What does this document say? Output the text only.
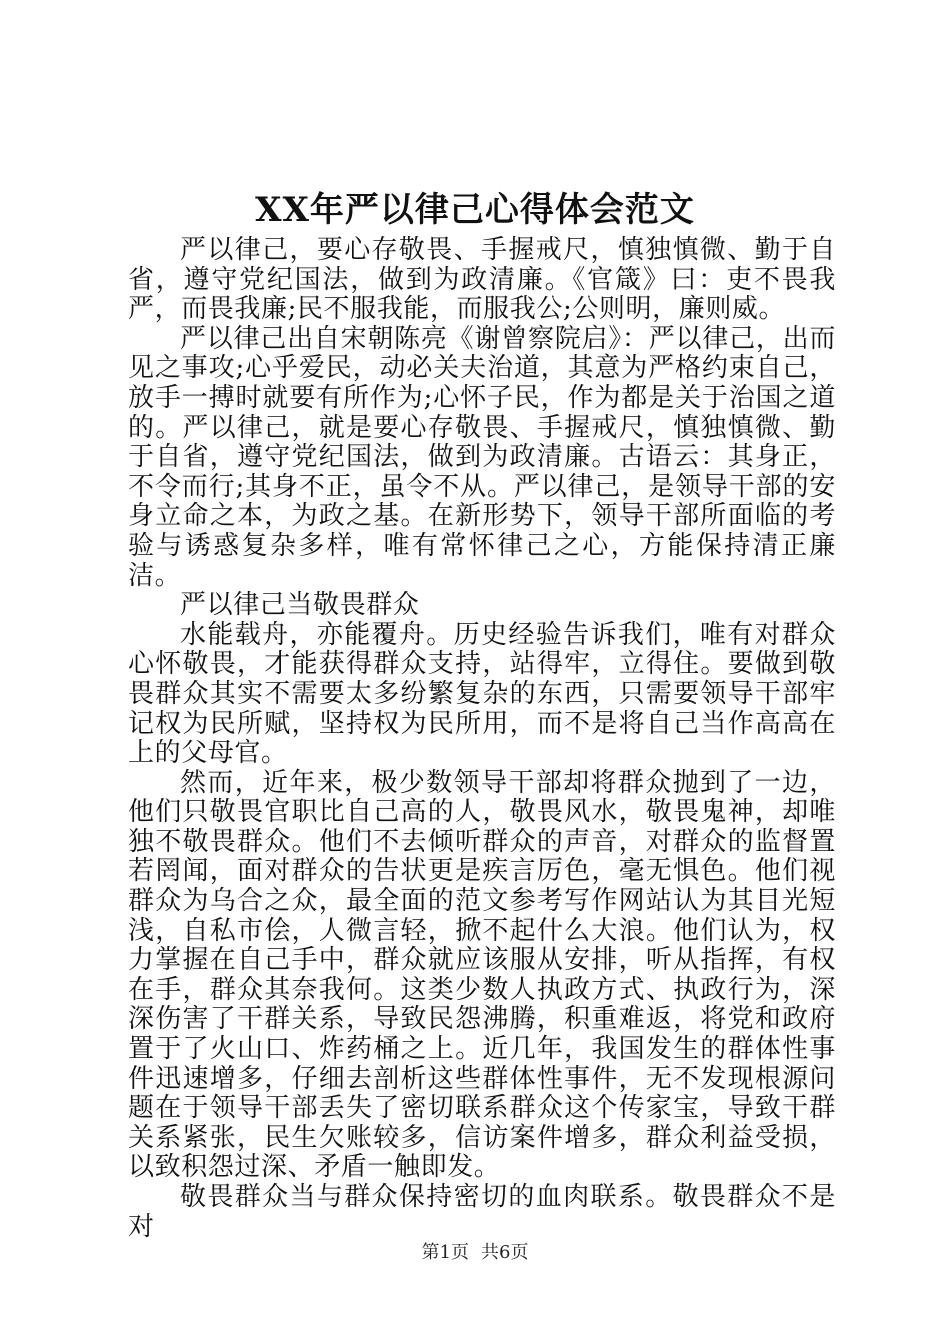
XX年严以律己心得体会范文

严以律己，要心存敬畏、手握戒尺，慎独慎微、勤于自省，遵守党纪国法，做到为政清廉。《官箴》曰：吏不畏我严，而畏我廉;民不服我能，而服我公;公则明，廉则威。

严以律己出自宋朝陈亮《谢曾察院启》：严以律己，出而见之事攻;心乎爱民，动必关夫治道，其意为严格约束自己，放手一搏时就要有所作为;心怀子民，作为都是关于治国之道的。严以律己，就是要心存敬畏、手握戒尺，慎独慎微、勤于自省，遵守党纪国法，做到为政清廉。古语云：其身正，不令而行;其身不正，虽令不从。严以律己，是领导干部的安身立命之本，为政之基。在新形势下，领导干部所面临的考验与诱惑复杂多样，唯有常怀律己之心，方能保持清正廉洁。

严以律己当敬畏群众

水能载舟，亦能覆舟。历史经验告诉我们，唯有对群众心怀敬畏，才能获得群众支持，站得牢，立得住。要做到敬畏群众其实不需要太多纷繁复杂的东西，只需要领导干部牢记权为民所赋，坚持权为民所用，而不是将自己当作高高在上的父母官。

然而，近年来，极少数领导干部却将群众抛到了一边，他们只敬畏官职比自己高的人，敬畏风水，敬畏鬼神，却唯独不敬畏群众。他们不去倾听群众的声音，对群众的监督置若罔闻，面对群众的告状更是疾言厉色，毫无惧色。他们视群众为乌合之众，最全面的范文参考写作网站认为其目光短浅，自私市侩，人微言轻，掀不起什么大浪。他们认为，权力掌握在自己手中，群众就应该服从安排，听从指挥，有权在手，群众其奈我何。这类少数人执政方式、执政行为，深深伤害了干群关系，导致民怨沸腾，积重难返，将党和政府置于了火山口、炸药桶之上。近几年，我国发生的群体性事件迅速增多，仔细去剖析这些群体性事件，无不发现根源问题在于领导干部丢失了密切联系群众这个传家宝，导致干群关系紧张，民生欠账较多，信访案件增多，群众利益受损，以致积怨过深、矛盾一触即发。

敬畏群众当与群众保持密切的血肉联系。敬畏群众不是对

第1页 共6页
